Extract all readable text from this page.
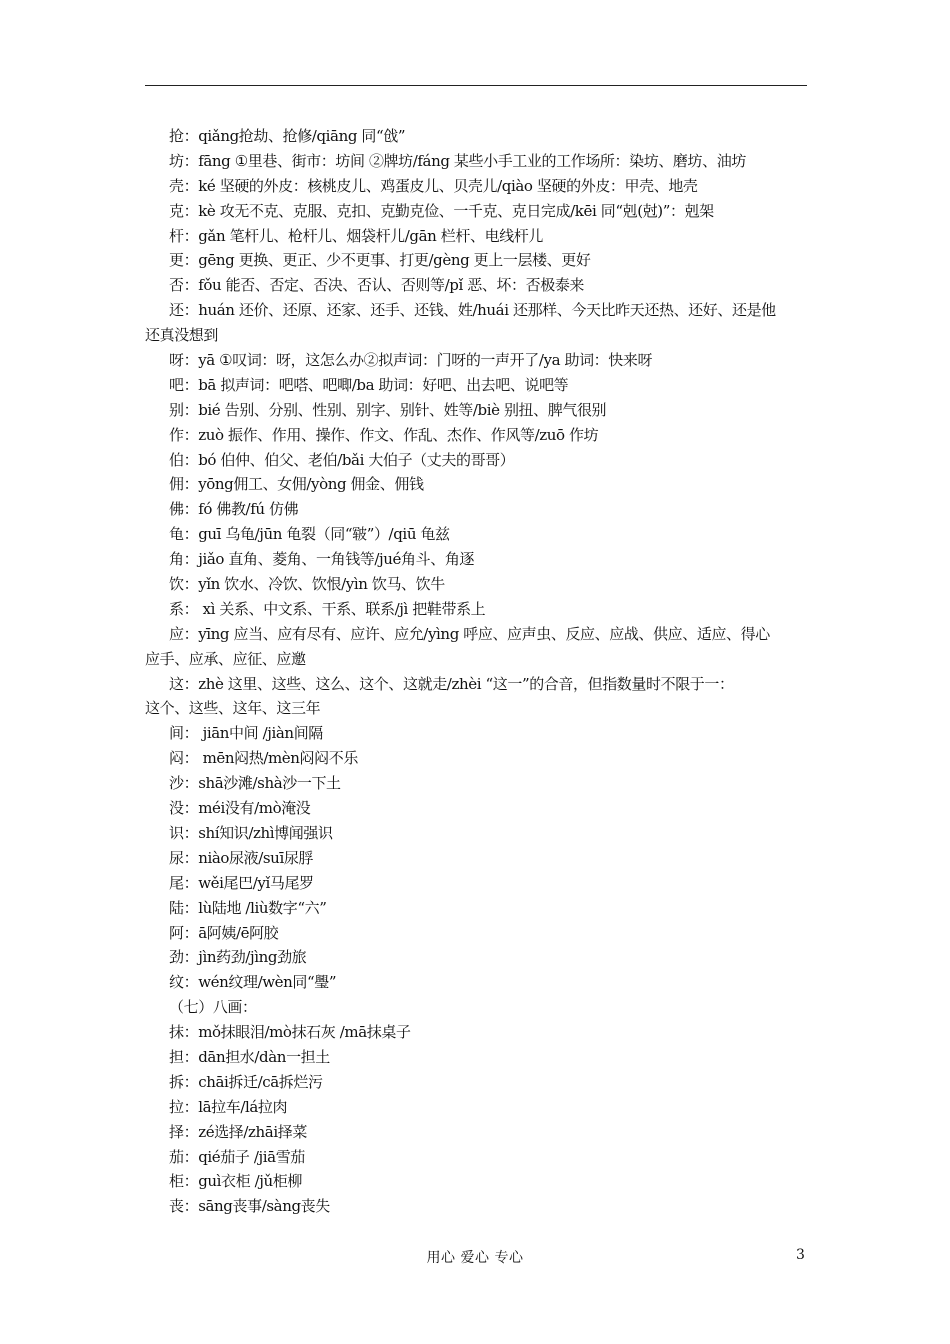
抢：qiǎng抢劫、抢修/qiāng 同“戗”
坊：fāng ①里巷、街市：坊间 ②牌坊/fáng 某些小手工业的工作场所：染坊、磨坊、油坊
壳：ké 坚硬的外皮：核桃皮儿、鸡蛋皮儿、贝壳儿/qiào 坚硬的外皮：甲壳、地壳
克：kè 攻无不克、克服、克扣、克勤克俭、一千克、克日完成/kēi 同“剋(尅)”：剋架
杆：gǎn 笔杆儿、枪杆儿、烟袋杆儿/gān 栏杆、电线杆儿
更：gēng 更换、更正、少不更事、打更/gèng 更上一层楼、更好
否：fǒu 能否、否定、否决、否认、否则等/pǐ 恶、坏：否极泰来
还：huán 还价、还原、还家、还手、还钱、姓/huái 还那样、今天比昨天还热、还好、还是他
还真没想到
呀：yā ①叹词：呀，这怎么办②拟声词：门呀的一声开了/ya 助词：快来呀
吧：bā 拟声词：吧嗒、吧唧/ba 助词：好吧、出去吧、说吧等
别：bié 告别、分别、性别、别字、别针、姓等/biè 别扭、脾气很别
作：zuò 振作、作用、操作、作文、作乱、杰作、作风等/zuō 作坊
伯：bó 伯仲、伯父、老伯/bǎi 大伯子（丈夫的哥哥）
佣：yōng佣工、女佣/yòng 佣金、佣钱
佛：fó 佛教/fú 仿佛
龟：guī 乌龟/jūn 龟裂（同“皲”）/qiū 龟兹
角：jiǎo 直角、菱角、一角钱等/jué角斗、角逐
饮：yǐn 饮水、冷饮、饮恨/yìn 饮马、饮牛
系： xì 关系、中文系、干系、联系/jì 把鞋带系上
应：yīng 应当、应有尽有、应许、应允/yìng 呼应、应声虫、反应、应战、供应、适应、得心
应手、应承、应征、应邀
这：zhè 这里、这些、这么、这个、这就走/zhèi “这一”的合音，但指数量时不限于一：
这个、这些、这年、这三年
间： jiān中间 /jiàn间隔
闷： mēn闷热/mèn闷闷不乐
沙：shā沙滩/shà沙一下土
没：méi没有/mò淹没
识：shí知识/zhì博闻强识
尿：niào尿液/suī尿脬
尾：wěi尾巴/yǐ马尾罗
陆：lù陆地 /liù数字“六”
阿：ā阿姨/ē阿胶
劲：jìn药劲/jìng劲旅
纹：wén纹理/wèn同“璺”
（七）八画：
抹：mǒ抹眼泪/mò抹石灰 /mā抹桌子
担：dān担水/dàn一担土
拆：chāi拆迁/cā拆烂污
拉：lā拉车/lá拉肉
择：zé选择/zhāi择菜
茄：qié茄子 /jiā雪茄
柜：guì衣柜 /jǔ柜柳
丧：sāng丧事/sàng丧失
用心 爱心 专心	3
